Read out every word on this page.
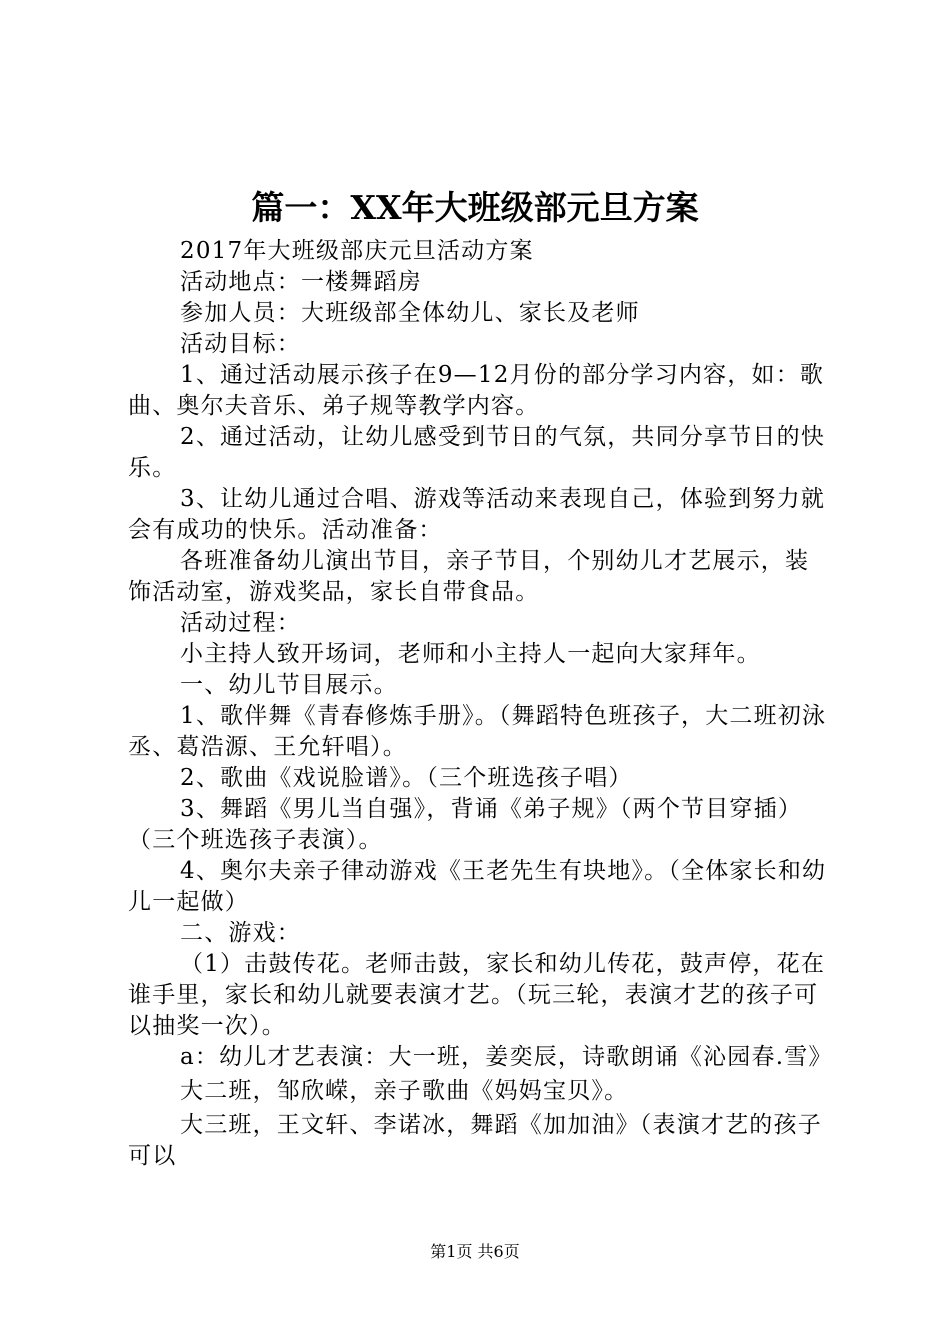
篇一：XX年大班级部元旦方案

2017年大班级部庆元旦活动方案

活动地点：一楼舞蹈房

参加人员：大班级部全体幼儿、家长及老师

活动目标：

1、通过活动展示孩子在9—12月份的部分学习内容，如：歌曲、奥尔夫音乐、弟子规等教学内容。

2、通过活动，让幼儿感受到节日的气氛，共同分享节日的快乐。

3、让幼儿通过合唱、游戏等活动来表现自己，体验到努力就会有成功的快乐。活动准备：

各班准备幼儿演出节目，亲子节目，个别幼儿才艺展示，装饰活动室，游戏奖品，家长自带食品。

活动过程：

小主持人致开场词，老师和小主持人一起向大家拜年。

一、幼儿节目展示。

1、歌伴舞《青春修炼手册》。（舞蹈特色班孩子，大二班初泳丞、葛浩源、王允轩唱）。

2、歌曲《戏说脸谱》。（三个班选孩子唱）

3、舞蹈《男儿当自强》，背诵《弟子规》（两个节目穿插）（三个班选孩子表演）。

4、奥尔夫亲子律动游戏《王老先生有块地》。（全体家长和幼儿一起做）

二、游戏：

（1）击鼓传花。老师击鼓，家长和幼儿传花，鼓声停，花在谁手里，家长和幼儿就要表演才艺。（玩三轮，表演才艺的孩子可以抽奖一次）。

a：幼儿才艺表演：大一班，姜奕辰，诗歌朗诵《沁园春.雪》

大二班，邹欣嵘，亲子歌曲《妈妈宝贝》。

大三班，王文轩、李诺冰，舞蹈《加加油》（表演才艺的孩子可以

第1页 共6页
